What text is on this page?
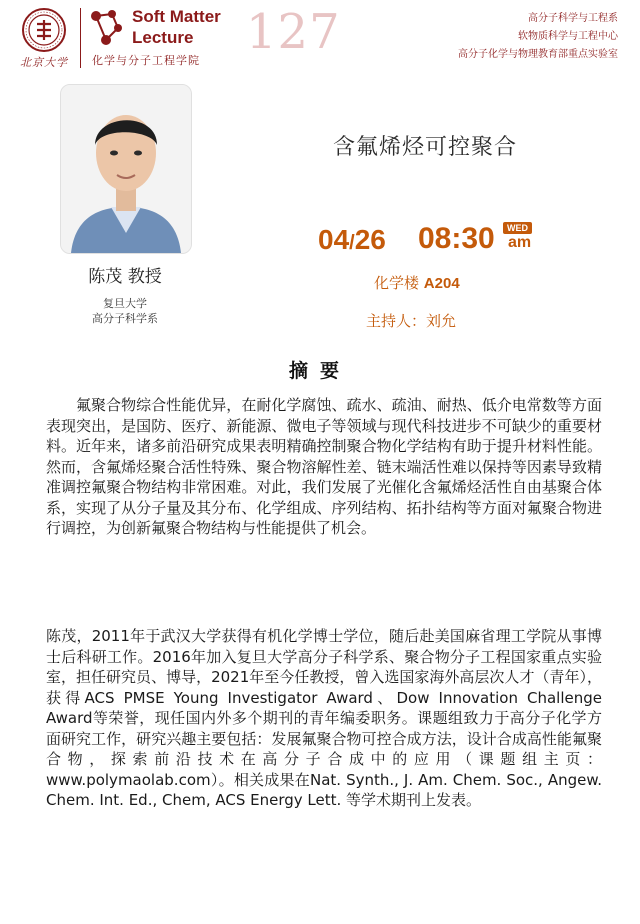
北京大学
Soft Matter
Lecture	127
化学与分子工程学院
高分子科学与工程系
软物质科学与工程中心
高分子化学与物理教育部重点实验室
陈茂 教授
复旦大学
高分子科学系
含氟烯烃可控聚合
04/26 08:30	WED
am
化学楼 A204
主持人：刘允
摘要
氟聚合物综合性能优异，在耐化学腐蚀、疏水、疏油、耐热、低介电常数等方面表现突出，是国防、医疗、新能源、微电子等领域与现代科技进步不可缺少的重要材料。近年来，诸多前沿研究成果表明精确控制聚合物化学结构有助于提升材料性能。然而，含氟烯烃聚合活性特殊、聚合物溶解性差、链末端活性难以保持等因素导致精准调控氟聚合物结构非常困难。对此，我们发展了光催化含氟烯烃活性自由基聚合体系，实现了从分子量及其分布、化学组成、序列结构、拓扑结构等方面对氟聚合物进行调控，为创新氟聚合物结构与性能提供了机会。
陈茂，2011年于武汉大学获得有机化学博士学位，随后赴美国麻省理工学院从事博士后科研工作。2016年加入复旦大学高分子科学系、聚合物分子工程国家重点实验室，担任研究员、博导，2021年至今任教授，曾入选国家海外高层次人才（青年），获得ACS PMSE Young Investigator Award、Dow Innovation Challenge Award等荣誉，现任国内外多个期刊的青年编委职务。课题组致力于高分子化学方面研究工作，研究兴趣主要包括：发展氟聚合物可控合成方法，设计合成高性能氟聚合物，探索前沿技术在高分子合成中的应用（课题组主页：www.polymaolab.com）。相关成果在Nat. Synth., J. Am. Chem. Soc., Angew. Chem. Int. Ed., Chem, ACS Energy Lett. 等学术期刊上发表。
